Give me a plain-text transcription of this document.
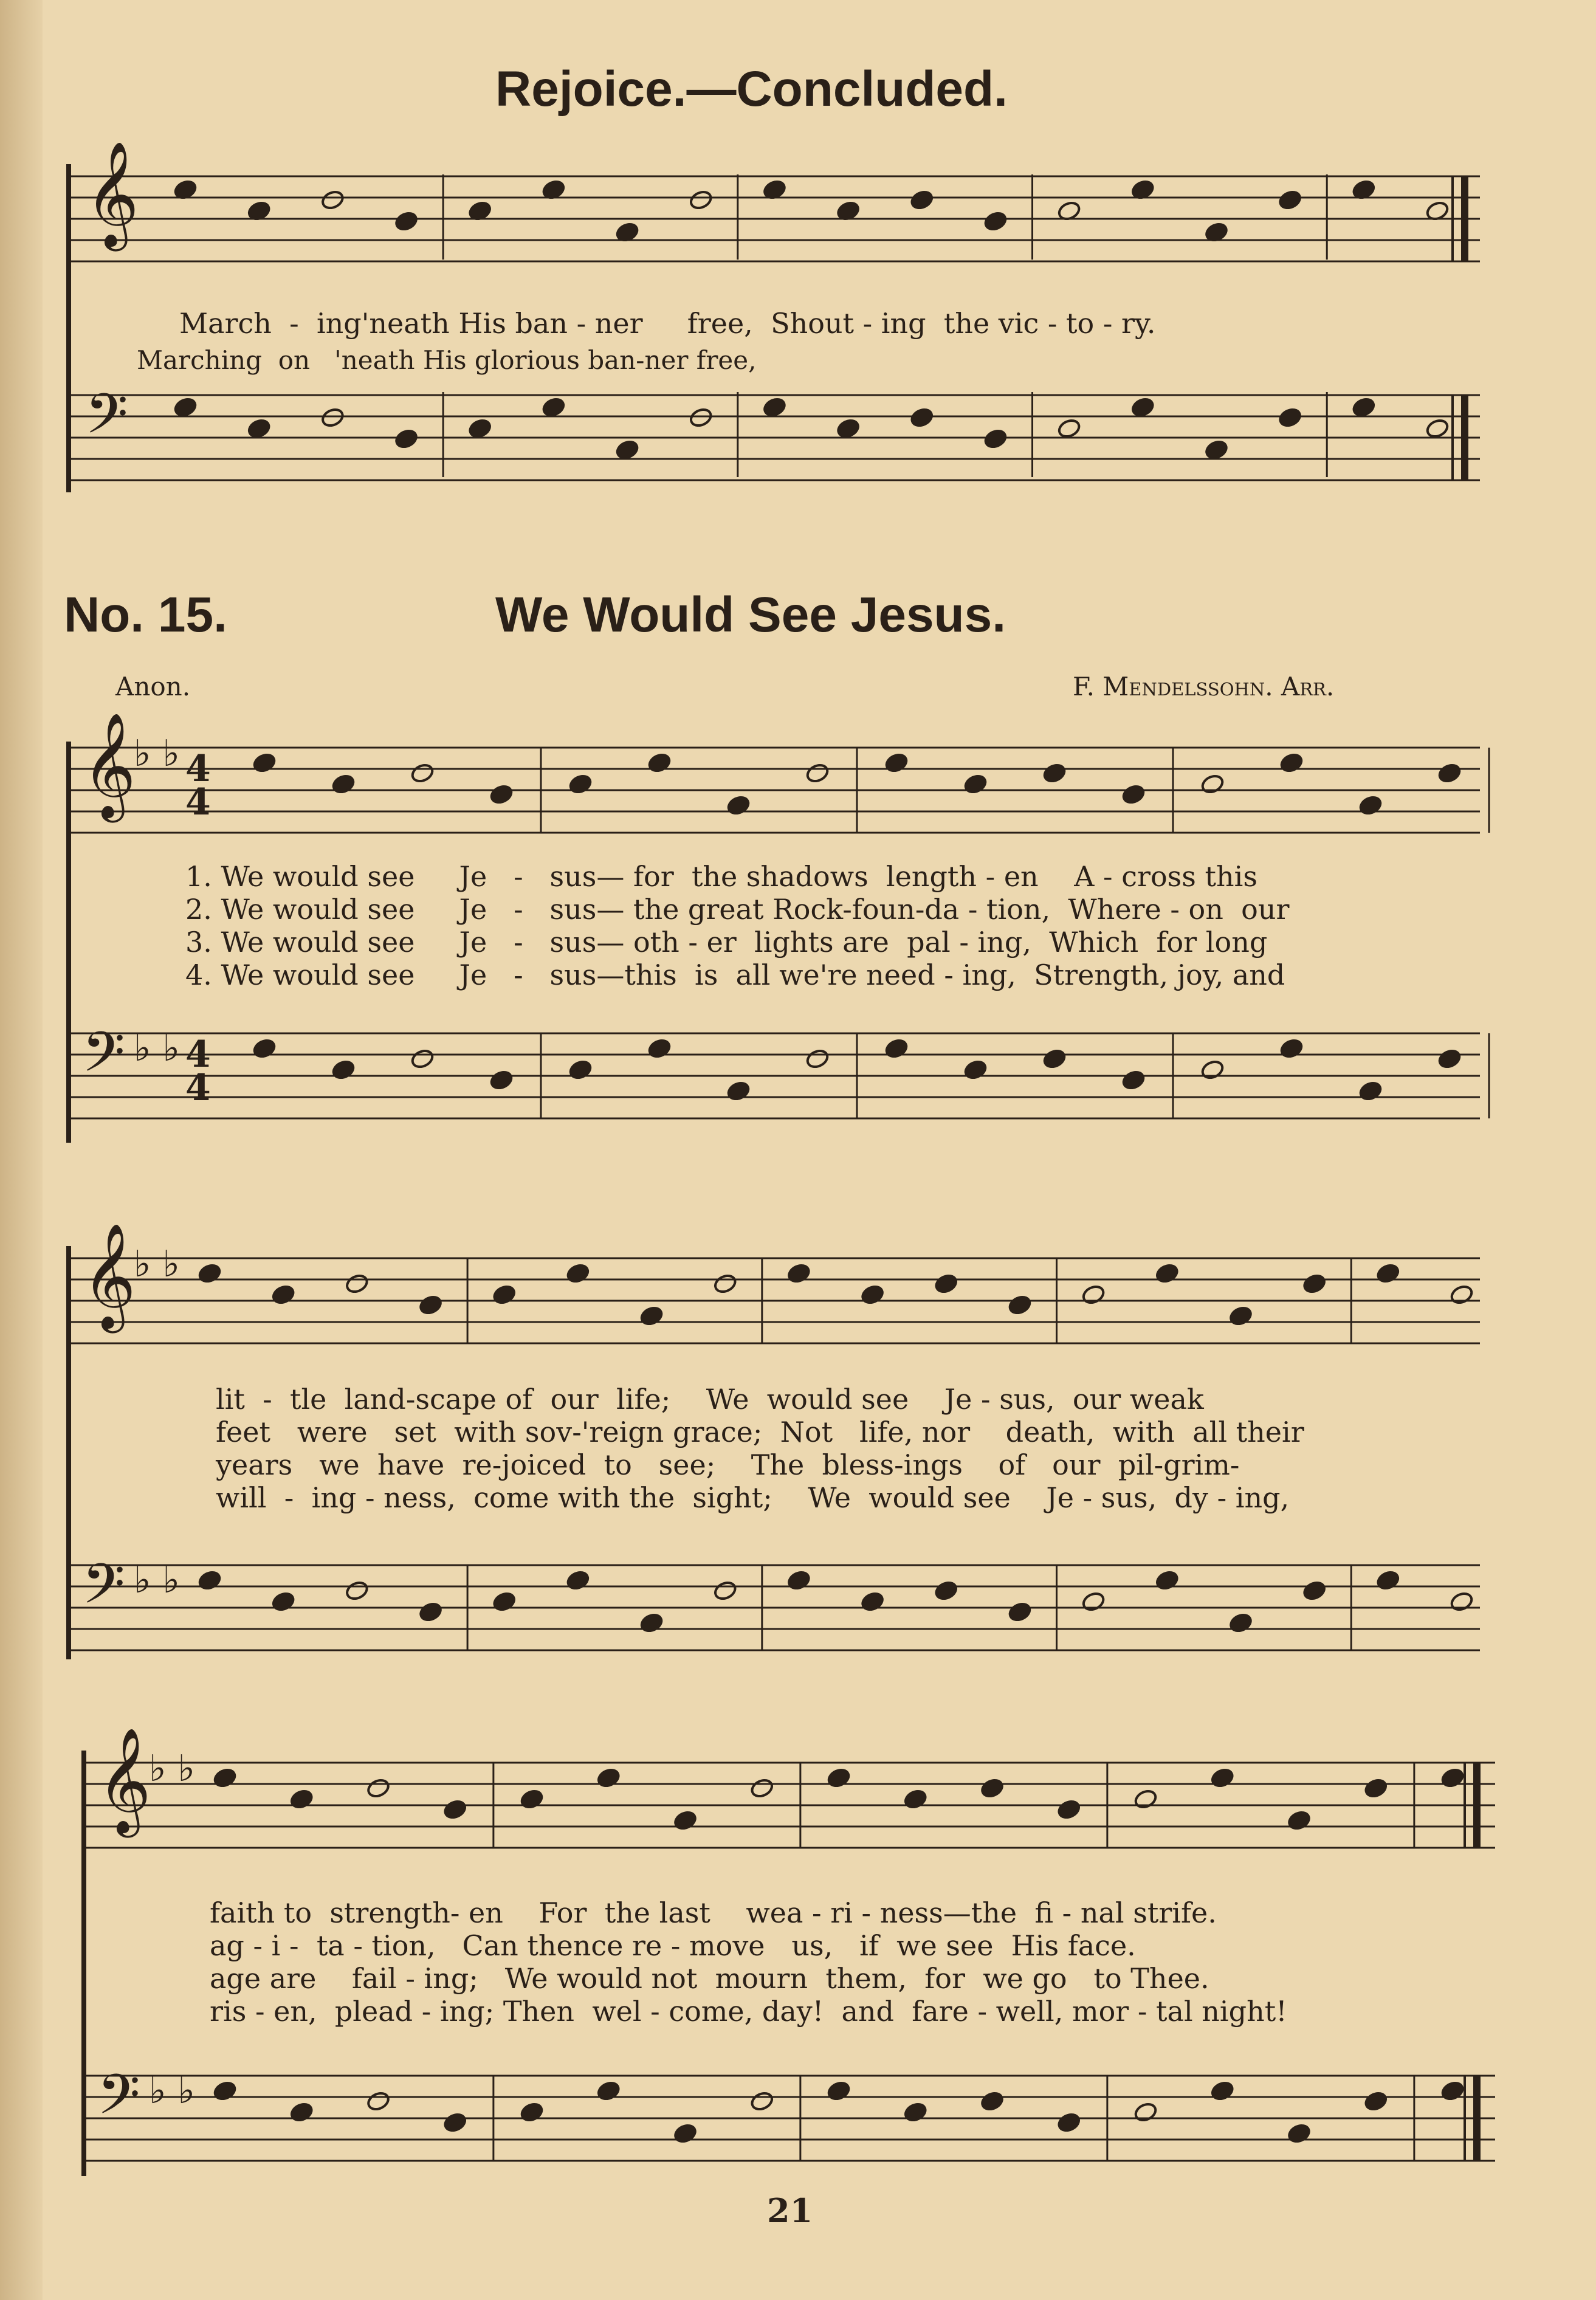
Rejoice.—Concluded.
𝄞
𝄢
March - ing'neath His ban - ner free, Shout - ing the vic - to - ry.
Marching on 'neath His glorious ban-ner free,
No. 15.	We Would See Jesus.
Anon.	F. Mendelssohn. Arr.
𝄞
♭ ♭ 4
4
𝄢 ♭ ♭ 4
4
1. We would see Je - sus— for the shadows length - en A - cross this
2. We would see Je - sus— the great Rock-foun-da - tion, Where - on our
3. We would see Je - sus— oth - er lights are pal - ing, Which for long
4. We would see Je - sus—this is all we're need - ing, Strength, joy, and
𝄞
♭ ♭
𝄢 ♭ ♭
lit - tle land-scape of our life; We would see Je - sus, our weak
feet were set with sov-'reign grace; Not life, nor death, with all their
years we have re-joiced to see; The bless-ings of our pil-grim-
will - ing - ness, come with the sight; We would see Je - sus, dy - ing,
𝄞
♭ ♭
𝄢 ♭ ♭
faith to strength- en For the last wea - ri - ness—the fi - nal strife.
ag - i - ta - tion, Can thence re - move us, if we see His face.
age are fail - ing; We would not mourn them, for we go to Thee.
ris - en, plead - ing; Then wel - come, day! and fare - well, mor - tal night!
21
